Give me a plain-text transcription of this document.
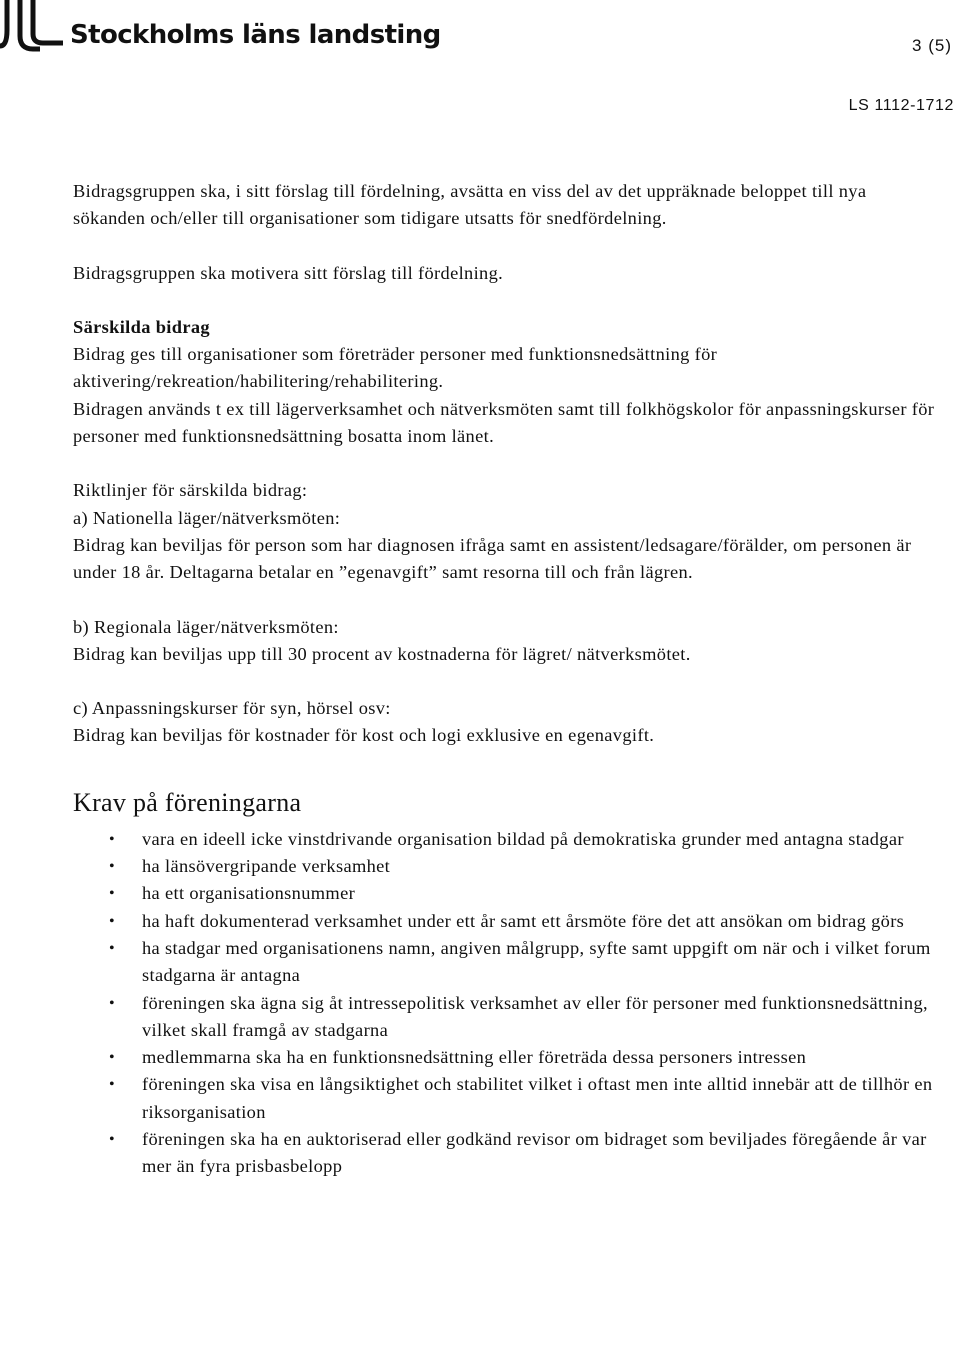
Stockholms läns landsting	3 (5)
LS 1112-1712

Bidragsgruppen ska, i sitt förslag till fördelning, avsätta en viss del av det uppräknade beloppet till nya sökanden och/eller till organisationer som tidigare utsatts för snedfördelning.

Bidragsgruppen ska motivera sitt förslag till fördelning.

Särskilda bidrag

Bidrag ges till organisationer som företräder personer med funktionsnedsättning för aktivering/rekreation/habilitering/rehabilitering.

Bidragen används t ex till lägerverksamhet och nätverksmöten samt till folkhögskolor för anpassningskurser för personer med funktionsnedsättning bosatta inom länet.

Riktlinjer för särskilda bidrag:

a) Nationella läger/nätverksmöten:

Bidrag kan beviljas för person som har diagnosen ifråga samt en assistent/ledsagare/förälder, om personen är under 18 år. Deltagarna betalar en ”egenavgift” samt resorna till och från lägren.

b) Regionala läger/nätverksmöten:

Bidrag kan beviljas upp till 30 procent av kostnaderna för lägret/ nätverksmötet.

c) Anpassningskurser för syn, hörsel osv:

Bidrag kan beviljas för kostnader för kost och logi exklusive en egenavgift.

Krav på föreningarna
• vara en ideell icke vinstdrivande organisation bildad på demokratiska grunder med antagna stadgar
• ha länsövergripande verksamhet
• ha ett organisationsnummer
• ha haft dokumenterad verksamhet under ett år samt ett årsmöte före det att ansökan om bidrag görs
• ha stadgar med organisationens namn, angiven målgrupp, syfte samt uppgift om när och i vilket forum stadgarna är antagna
• föreningen ska ägna sig åt intressepolitisk verksamhet av eller för personer med funktionsnedsättning, vilket skall framgå av stadgarna
• medlemmarna ska ha en funktionsnedsättning eller företräda dessa personers intressen
• föreningen ska visa en långsiktighet och stabilitet vilket i oftast men inte alltid innebär att de tillhör en riksorganisation
• föreningen ska ha en auktoriserad eller godkänd revisor om bidraget som beviljades föregående år var mer än fyra prisbasbelopp
